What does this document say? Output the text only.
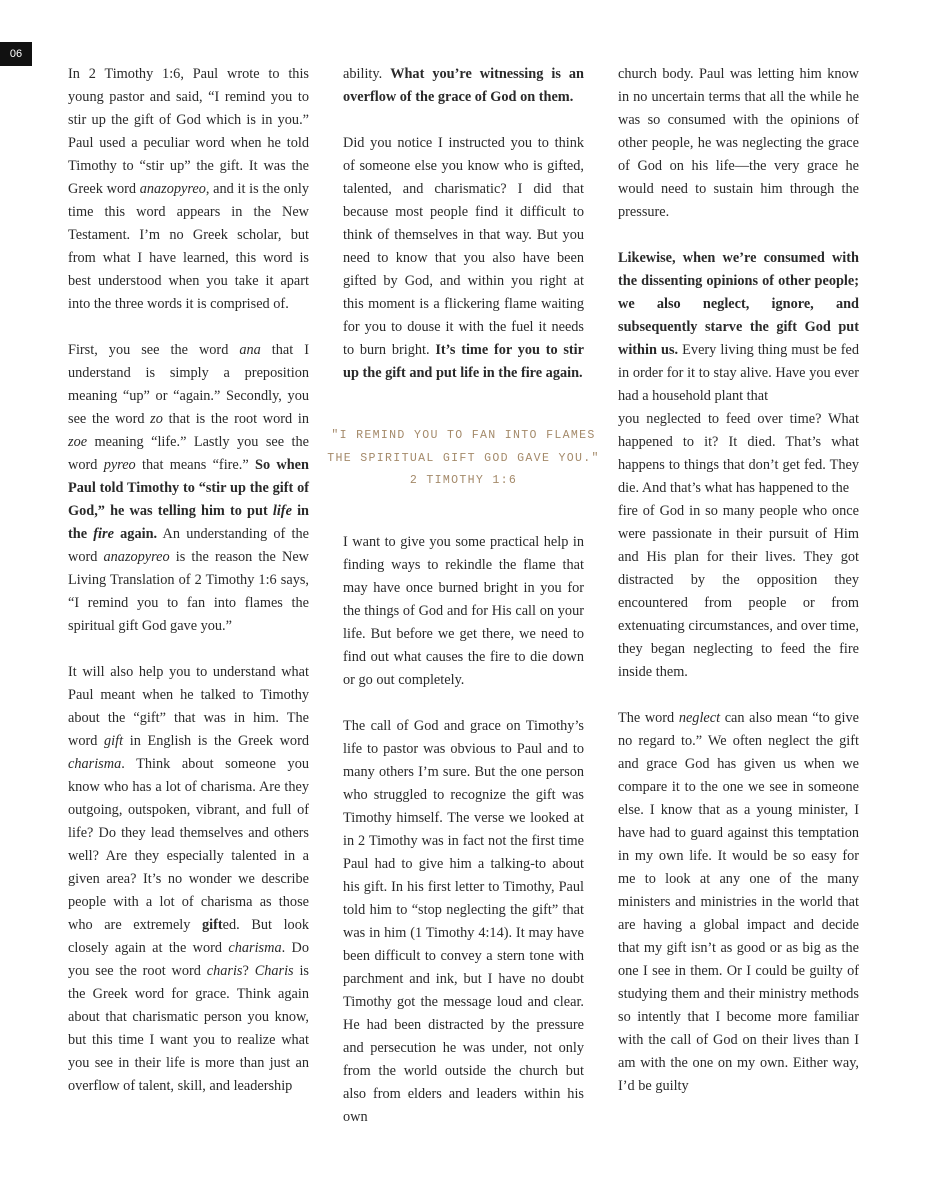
06

In 2 Timothy 1:6, Paul wrote to this young pastor and said, “I remind you to stir up the gift of God which is in you.” Paul used a peculiar word when he told Timothy to “stir up” the gift. It was the Greek word anazopyreo, and it is the only time this word appears in the New Testament. I’m no Greek scholar, but from what I have learned, this word is best understood when you take it apart into the three words it is comprised of.

First, you see the word ana that I understand is simply a preposition meaning “up” or “again.” Secondly, you see the word zo that is the root word in zoe meaning “life.” Lastly you see the word pyreo that means “fire.” So when Paul told Timothy to “stir up the gift of God,” he was telling him to put life in the fire again. An understanding of the word anazopyreo is the reason the New Living Translation of 2 Timothy 1:6 says, “I remind you to fan into flames the spiritual gift God gave you.”

It will also help you to understand what Paul meant when he talked to Timothy about the “gift” that was in him. The word gift in English is the Greek word charisma. Think about someone you know who has a lot of charisma. Are they outgoing, outspoken, vibrant, and full of life? Do they lead themselves and others well? Are they especially talented in a given area? It’s no wonder we describe people with a lot of charisma as those who are extremely gifted. But look closely again at the word charisma. Do you see the root word charis? Charis is the Greek word for grace. Think again about that charismatic person you know, but this time I want you to realize what you see in their life is more than just an overflow of talent, skill, and leadership

ability. What you’re witnessing is an overflow of the grace of God on them.

Did you notice I instructed you to think of someone else you know who is gifted, talented, and charismatic? I did that because most people find it difficult to think of themselves in that way. But you need to know that you also have been gifted by God, and within you right at this moment is a flickering flame waiting for you to douse it with the fuel it needs to burn bright. It’s time for you to stir up the gift and put life in the fire again.

"I REMIND YOU TO FAN INTO FLAMES
THE SPIRITUAL GIFT GOD GAVE YOU."
2 TIMOTHY 1:6

I want to give you some practical help in finding ways to rekindle the flame that may have once burned bright in you for the things of God and for His call on your life. But before we get there, we need to find out what causes the fire to die down or go out completely.

The call of God and grace on Timothy’s life to pastor was obvious to Paul and to many others I’m sure. But the one person who struggled to recognize the gift was Timothy himself. The verse we looked at in 2 Timothy was in fact not the first time Paul had to give him a talking-to about his gift. In his first letter to Timothy, Paul told him to “stop neglecting the gift” that was in him (1 Timothy 4:14). It may have been difficult to convey a stern tone with parchment and ink, but I have no doubt Timothy got the message loud and clear. He had been distracted by the pressure and persecution he was under, not only from the world outside the church but also from elders and leaders within his own

church body. Paul was letting him know in no uncertain terms that all the while he was so consumed with the opinions of other people, he was neglecting the grace of God on his life—the very grace he would need to sustain him through the pressure.

Likewise, when we’re consumed with the dissenting opinions of other people; we also neglect, ignore, and subsequently starve the gift God put within us. Every living thing must be fed in order for it to stay alive. Have you ever had a household plant that

you neglected to feed over time? What happened to it? It died. That’s what happens to things that don’t get fed. They die. And that’s what has happened to the

fire of God in so many people who once were passionate in their pursuit of Him and His plan for their lives. They got distracted by the opposition they encountered from people or from extenuating circumstances, and over time, they began neglecting to feed the fire inside them.

The word neglect can also mean “to give no regard to.” We often neglect the gift and grace God has given us when we compare it to the one we see in someone else. I know that as a young minister, I have had to guard against this temptation in my own life. It would be so easy for me to look at any one of the many ministers and ministries in the world that are having a global impact and decide that my gift isn’t as good or as big as the one I see in them. Or I could be guilty of studying them and their ministry methods so intently that I become more familiar with the call of God on their lives than I am with the one on my own. Either way, I’d be guilty
